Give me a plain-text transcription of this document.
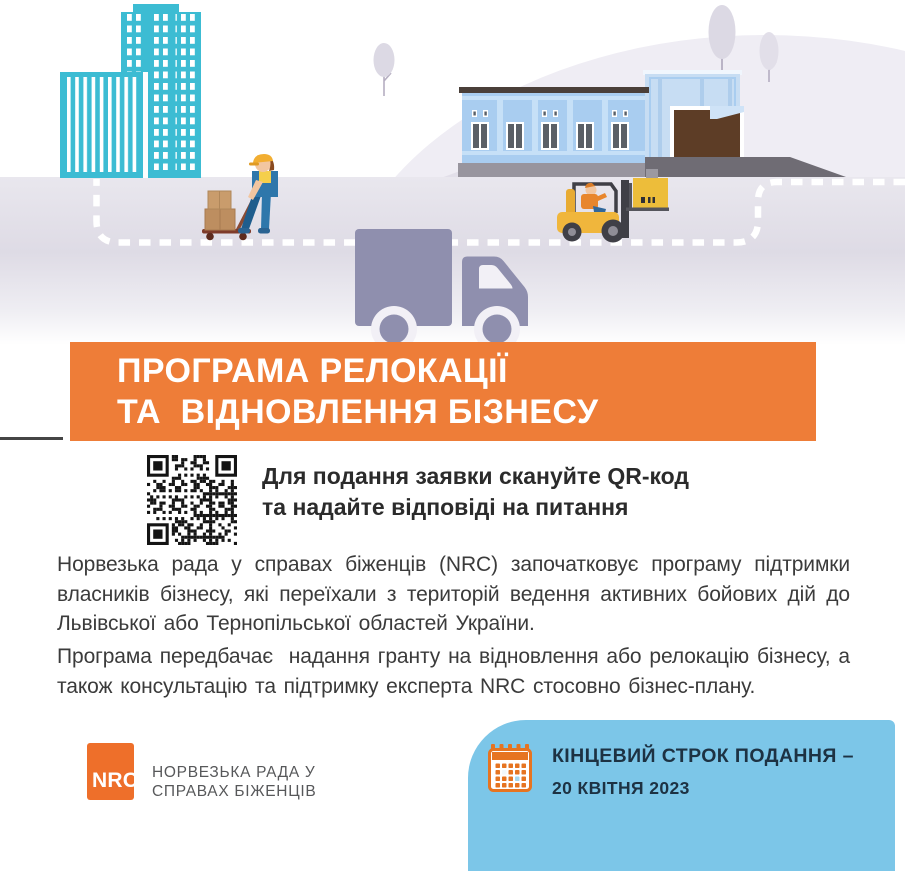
ПРОГРАМА РЕЛОКАЦІЇ
ТА  ВІДНОВЛЕННЯ БІЗНЕСУ
Для подання заявки скануйте QR-код
та надайте відповіді на питання

Норвезька рада у справах біженців (NRC) започатковує програму підтримки власників бізнесу, які переїхали з територій ведення активних бойових дій до Львівської або Тернопільської областей України.

Програма передбачає  надання гранту на відновлення або релокацію бізнесу, а також консультацію та підтримку експерта NRC стосовно бізнес-плану.

NRC НОРВЕЗЬКА РАДА У
СПРАВАХ БІЖЕНЦІВ
КІНЦЕВИЙ СТРОК ПОДАННЯ –
20 КВІТНЯ 2023
